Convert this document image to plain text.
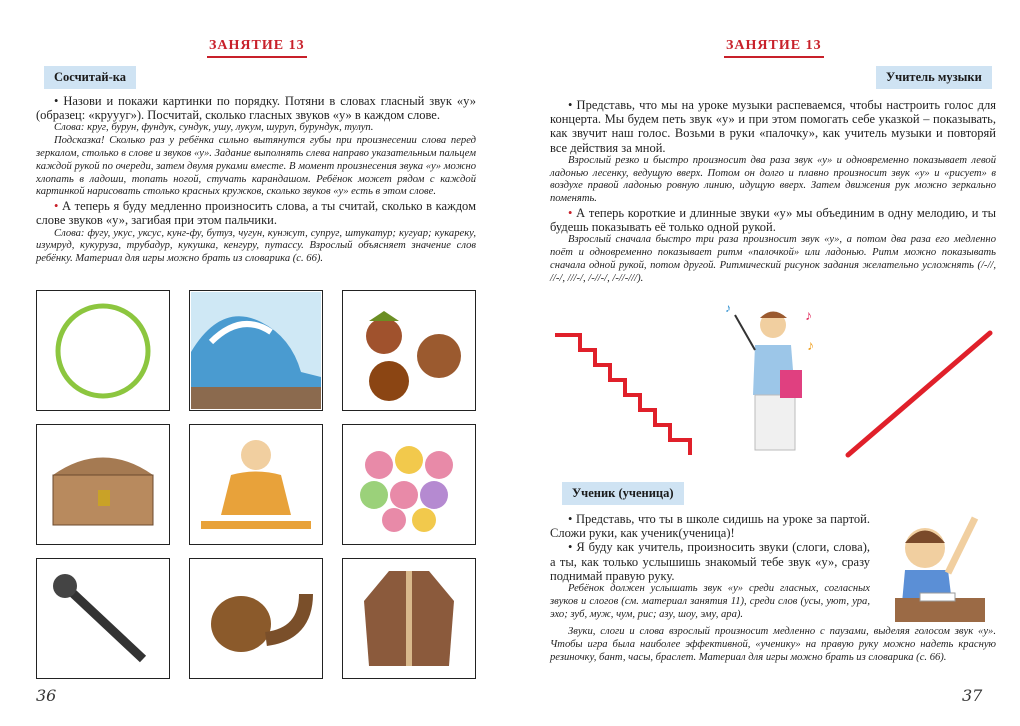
ЗАНЯТИЕ 13
Сосчитай-ка

• Назови и покажи картинки по порядку. Потяни в словах гласный звук «у» (образец: «круууг»). Посчитай, сколько гласных звуков «у» в каждом слове.

Слова: круг, бурун, фундук, сундук, ушу, лукум, шуруп, бурундук, тулуп.

Подсказка! Сколько раз у ребёнка сильно вытянутся губы при произнесении слова перед зеркалом, столько в слове и звуков «у». Задание выполнять слева направо указательным пальцем каждой рукой по очереди, затем двумя руками вместе. В момент произнесения звука «у» можно хлопать в ладоши, топать ногой, стучать карандашом. Ребёнок может рядом с каждой картинкой нарисовать столько красных кружков, сколько звуков «у» есть в этом слове.

• А теперь я буду медленно произносить слова, а ты считай, сколько в каждом слове звуков «у», загибая при этом пальчики.

Слова: фугу, укус, уксус, кунг-фу, бутуз, чугун, кунжут, супруг, штукатур; кугуар; кукареку, изумруд, кукуруза, трубадур, кукушка, кенгуру, путассу. Взрослый объясняет значение слов ребёнку. Материал для игры можно брать из словарика (с. 66).

36
ЗАНЯТИЕ 13
Учитель музыки

• Представь, что мы на уроке музыки распеваемся, чтобы настроить голос для концерта. Мы будем петь звук «у» и при этом помогать себе указкой – показывать, как звучит наш голос. Возьми в руки «палочку», как учитель музыки и повторяй все действия за мной.

Взрослый резко и быстро произносит два раза звук «у» и одновременно показывает левой ладонью лесенку, ведущую вверх. Потом он долго и плавно произносит звук «у» и «рисует» в воздухе правой ладонью ровную линию, идущую вверх. Затем движения рук можно зеркально поменять.

• А теперь короткие и длинные звуки «у» мы объединим в одну мелодию, и ты будешь показывать её только одной рукой.

Взрослый сначала быстро три раза произносит звук «у», а потом два раза его медленно поёт и одновременно показывает ритм «палочкой» или ладонью. Ритм можно показывать сначала одной рукой, потом другой. Ритмический рисунок задания желательно усложнять (/-//, //-/, ///-/, /-//-/, /-//-///).

♪
♪
♪
Ученик (ученица)

• Представь, что ты в школе сидишь на уроке за партой. Сложи руки, как ученик(ученица)!

• Я буду как учитель, произносить звуки (слоги, слова), а ты, как только услышишь знакомый тебе звук «у», сразу поднимай правую руку.

Ребёнок должен услышать звук «у» среди гласных, согласных звуков и слогов (см. материал занятия 11), среди слов (усы, уют, ура, эхо; зуб, муж, чум, рис; азу, шоу, эму, ара).

Звуки, слоги и слова взрослый произносит медленно с паузами, выделяя голосом звук «у». Чтобы игра была наиболее эффективной, «ученику» на правую руку можно надеть красную резиночку, бант, часы, браслет. Материал для игры можно брать из словарика (с. 66).

37
